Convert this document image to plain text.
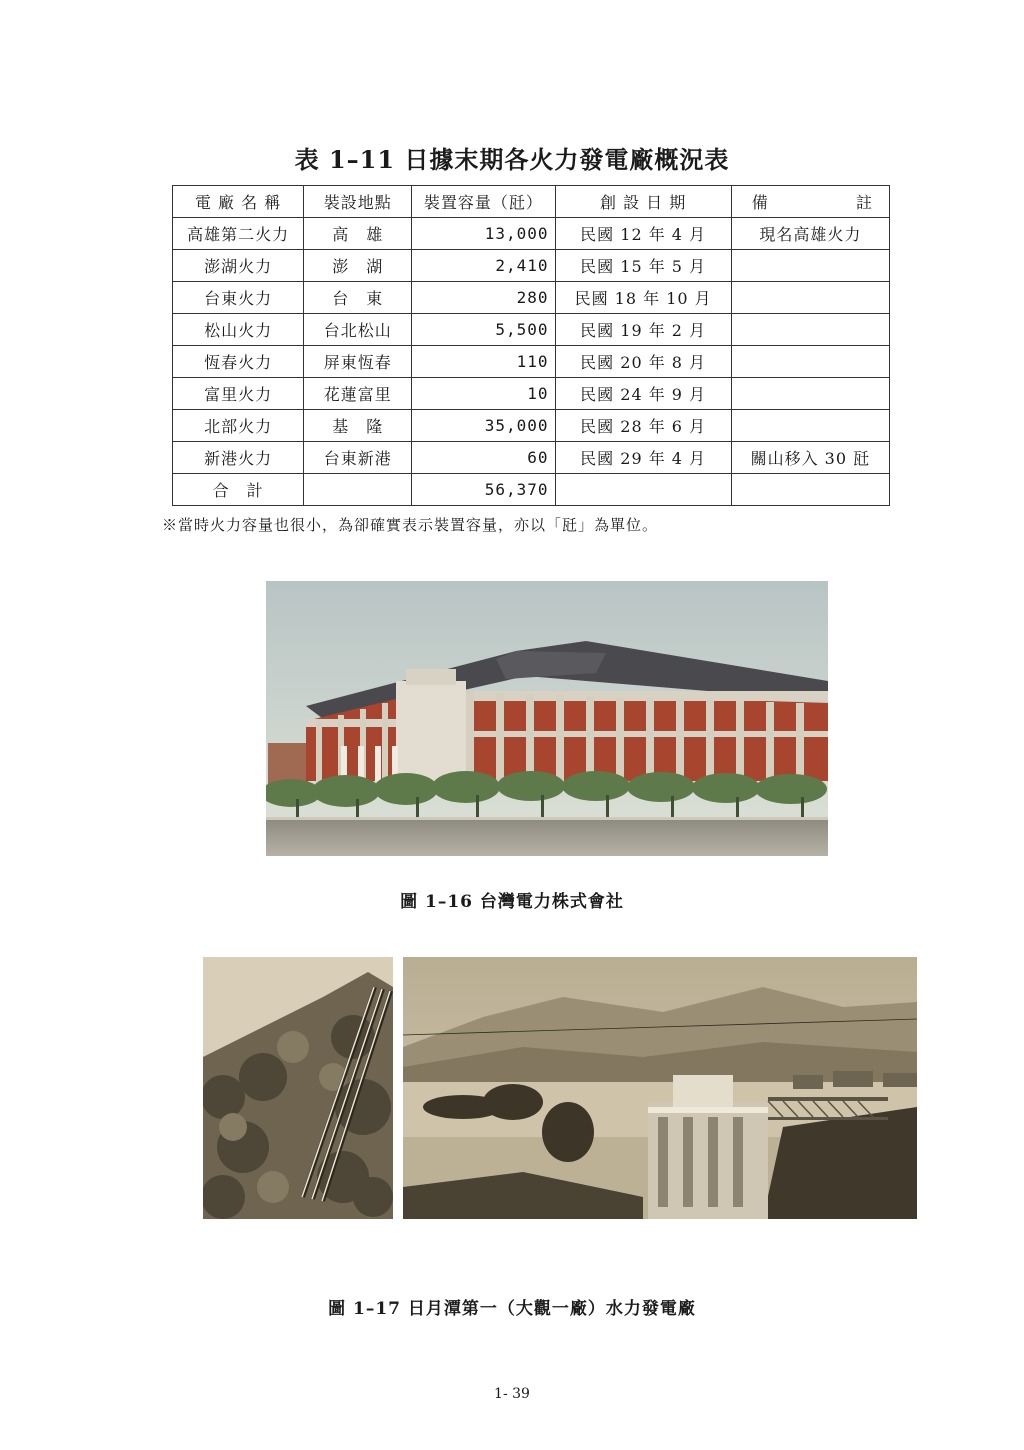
表 1–11 日據末期各火力發電廠概況表
電 廠 名 稱	裝設地點	裝置容量（瓩）	創 設 日 期	備 註

高雄第二火力	高　雄	13,000	民國 12 年 4 月	現名高雄火力
澎湖火力	澎　湖	2,410	民國 15 年 5 月	
台東火力	台　東	280	民國 18 年 10 月	
松山火力	台北松山	5,500	民國 19 年 2 月	
恆春火力	屏東恆春	110	民國 20 年 8 月	
富里火力	花蓮富里	10	民國 24 年 9 月	
北部火力	基　隆	35,000	民國 28 年 6 月	
新港火力	台東新港	60	民國 29 年 4 月	關山移入 30 瓩
合　計		56,370		
※當時火力容量也很小，為卻確實表示裝置容量，亦以「瓩」為單位。
圖 1–16 台灣電力株式會社
圖 1–17 日月潭第一（大觀一廠）水力發電廠
1- 39
